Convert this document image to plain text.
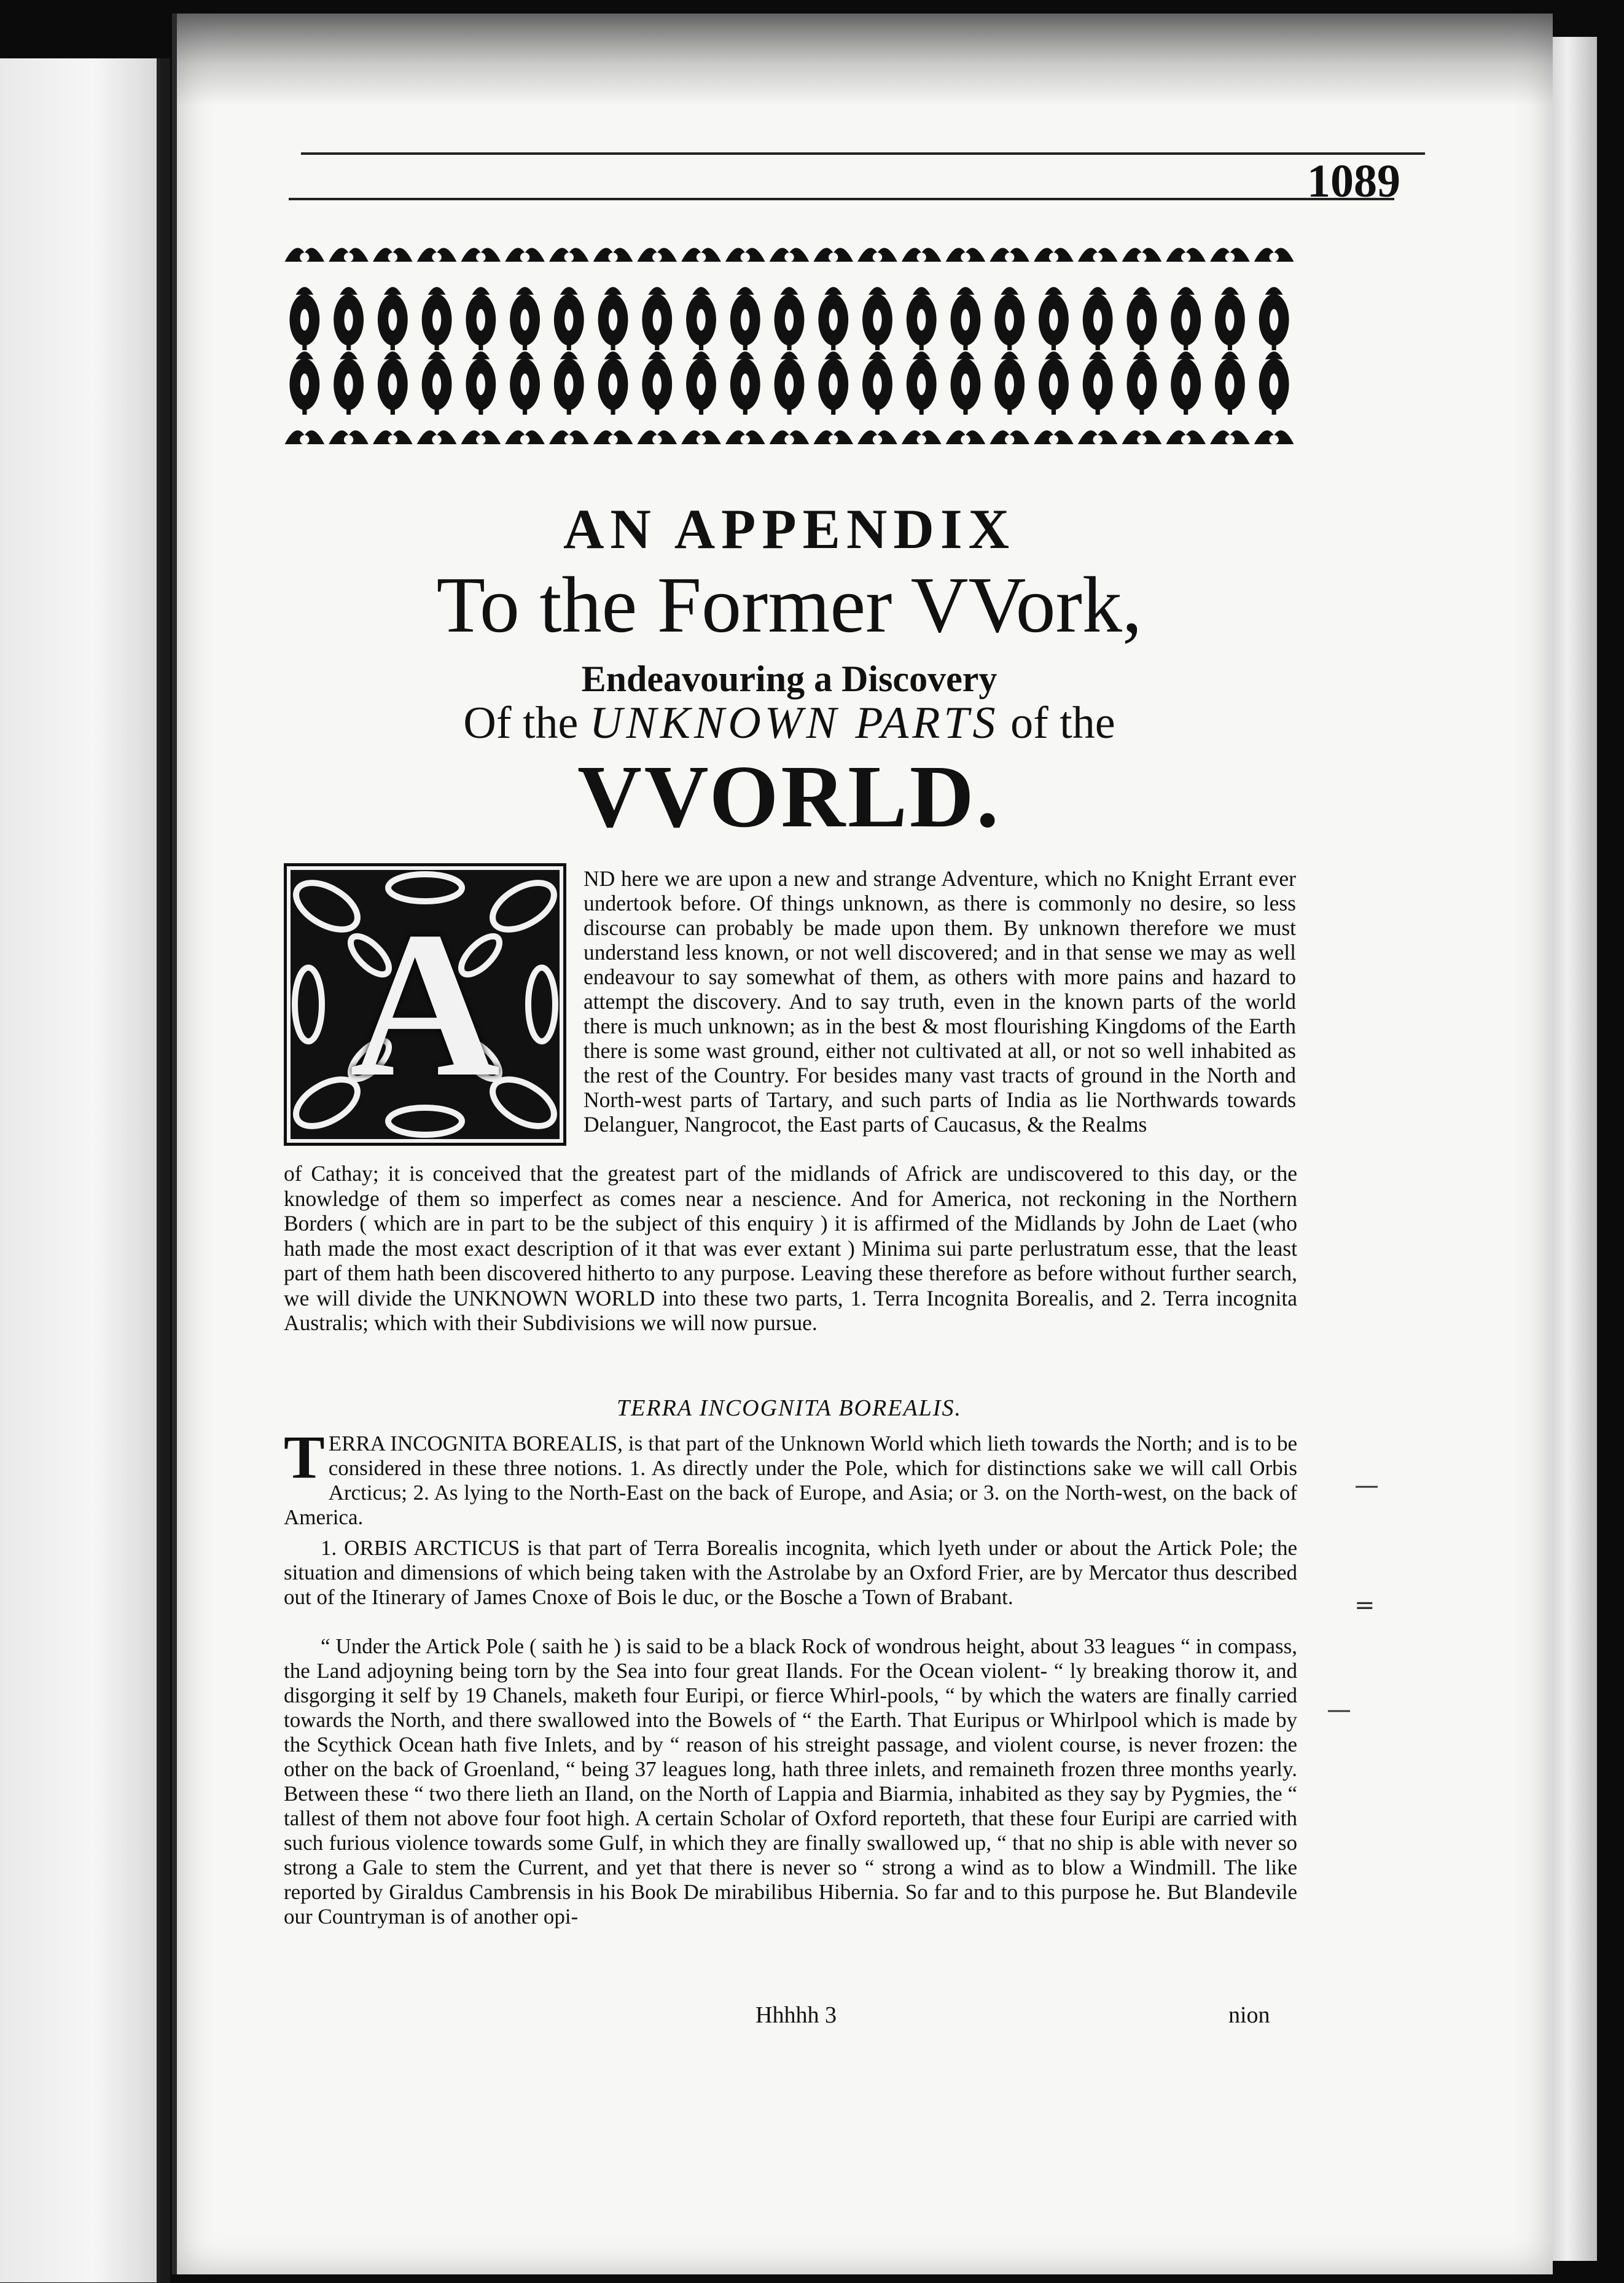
1089
AN APPENDIX
To the Former VVork,
Endeavouring a Discovery
Of the UNKNOWN PARTS of the
VVORLD.
A
ND here we are upon a new and strange Adventure, which no Knight Errant ever undertook before. Of things unknown, as there is commonly no desire, so less discourse can probably be made upon them. By unknown therefore we must understand less known, or not well discovered; and in that sense we may as well endeavour to say somewhat of them, as others with more pains and hazard to attempt the discovery. And to say truth, even in the known parts of the world there is much unknown; as in the best & most flourishing Kingdoms of the Earth there is some wast ground, either not cultivated at all, or not so well inhabited as the rest of the Country. For besides many vast tracts of ground in the North and North-west parts of Tartary, and such parts of India as lie Northwards towards Delanguer, Nangrocot, the East parts of Caucasus, & the Realms
of Cathay; it is conceived that the greatest part of the midlands of Africk are undiscovered to this day, or the knowledge of them so imperfect as comes near a nescience. And for America, not reckoning in the Northern Borders ( which are in part to be the subject of this enquiry ) it is affirmed of the Midlands by John de Laet (who hath made the most exact description of it that was ever extant ) Minima sui parte perlustratum esse, that the least part of them hath been discovered hitherto to any purpose. Leaving these therefore as before without further search, we will divide the UNKNOWN WORLD into these two parts, 1. Terra Incognita Borealis, and 2. Terra incognita Australis; which with their Subdivisions we will now pursue.
TERRA INCOGNITA BOREALIS.
T ERRA INCOGNITA BOREALIS, is that part of the Unknown World which lieth towards the North; and is to be considered in these three notions. 1. As directly under the Pole, which for distinctions sake we will call Orbis Arcticus; 2. As lying to the North-East on the back of Europe, and Asia; or 3. on the North-west, on the back of America.
1. ORBIS ARCTICUS is that part of Terra Borealis incognita, which lyeth under or about the Artick Pole; the situation and dimensions of which being taken with the Astrolabe by an Oxford Frier, are by Mercator thus described out of the Itinerary of James Cnoxe of Bois le duc, or the Bosche a Town of Brabant.
“ Under the Artick Pole ( saith he ) is said to be a black Rock of wondrous height, about 33 leagues “ in compass, the Land adjoyning being torn by the Sea into four great Ilands. For the Ocean violent- “ ly breaking thorow it, and disgorging it self by 19 Chanels, maketh four Euripi, or fierce Whirl-pools, “ by which the waters are finally carried towards the North, and there swallowed into the Bowels of “ the Earth. That Euripus or Whirlpool which is made by the Scythick Ocean hath five Inlets, and by “ reason of his streight passage, and violent course, is never frozen: the other on the back of Groenland, “ being 37 leagues long, hath three inlets, and remaineth frozen three months yearly. Between these “ two there lieth an Iland, on the North of Lappia and Biarmia, inhabited as they say by Pygmies, the “ tallest of them not above four foot high. A certain Scholar of Oxford reporteth, that these four Euripi are carried with such furious violence towards some Gulf, in which they are finally swallowed up, “ that no ship is able with never so strong a Gale to stem the Current, and yet that there is never so “ strong a wind as to blow a Windmill. The like reported by Giraldus Cambrensis in his Book De mirabilibus Hibernia. So far and to this purpose he. But Blandevile our Countryman is of another opi-
Hhhhh 3	nion
—
=
—
